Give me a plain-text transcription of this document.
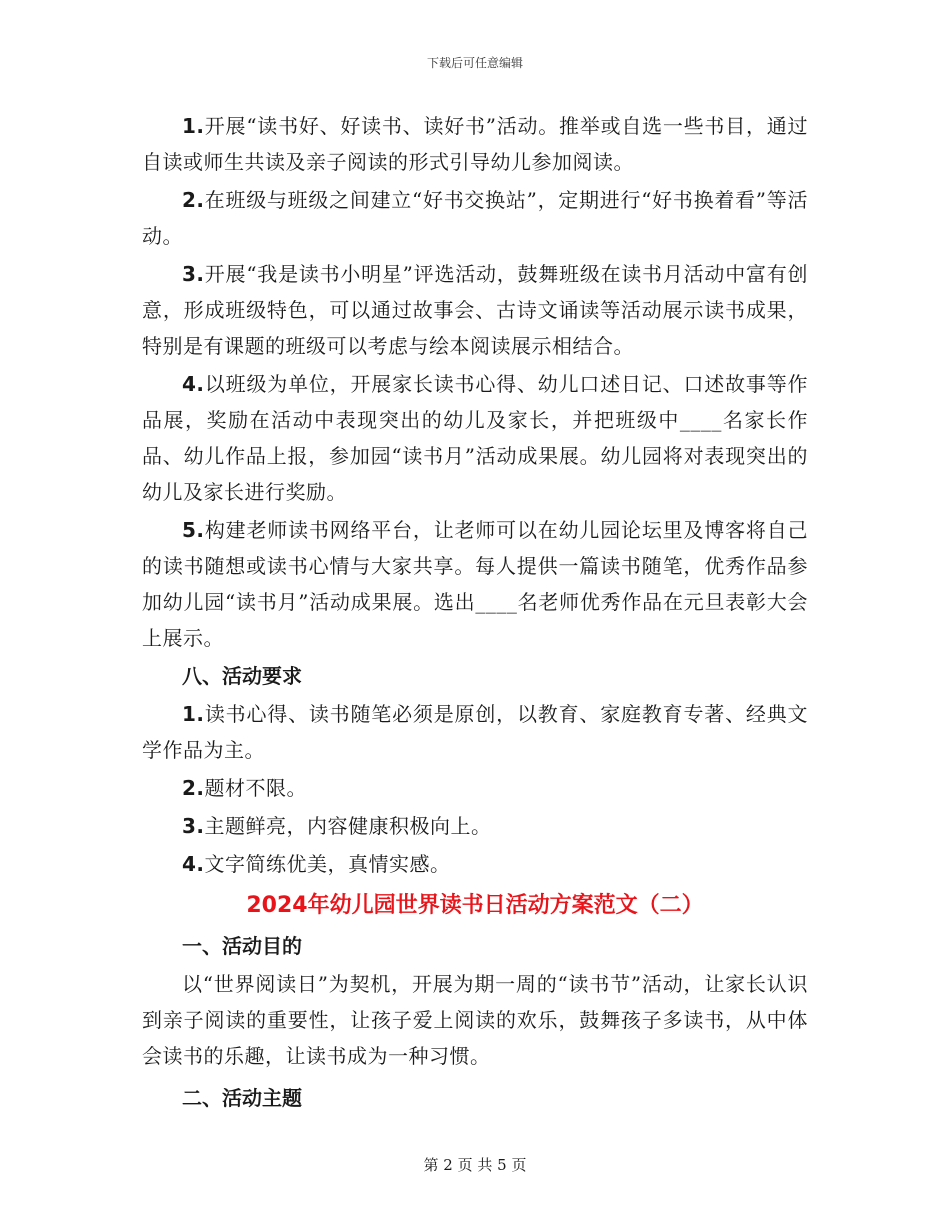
下载后可任意编辑

1.开展“读书好、好读书、读好书”活动。推举或自选一些书目，通过自读或师生共读及亲子阅读的形式引导幼儿参加阅读。

2.在班级与班级之间建立“好书交换站”，定期进行“好书换着看”等活动。

3.开展“我是读书小明星”评选活动，鼓舞班级在读书月活动中富有创意，形成班级特色，可以通过故事会、古诗文诵读等活动展示读书成果，特别是有课题的班级可以考虑与绘本阅读展示相结合。

4.以班级为单位，开展家长读书心得、幼儿口述日记、口述故事等作品展，奖励在活动中表现突出的幼儿及家长，并把班级中____名家长作品、幼儿作品上报，参加园“读书月”活动成果展。幼儿园将对表现突出的幼儿及家长进行奖励。

5.构建老师读书网络平台，让老师可以在幼儿园论坛里及博客将自己的读书随想或读书心情与大家共享。每人提供一篇读书随笔，优秀作品参加幼儿园“读书月”活动成果展。选出____名老师优秀作品在元旦表彰大会上展示。

八、活动要求

1.读书心得、读书随笔必须是原创，以教育、家庭教育专著、经典文学作品为主。

2.题材不限。

3.主题鲜亮，内容健康积极向上。

4.文字简练优美，真情实感。

2024年幼儿园世界读书日活动方案范文（二）

一、活动目的

以“世界阅读日”为契机，开展为期一周的“读书节”活动，让家长认识到亲子阅读的重要性，让孩子爱上阅读的欢乐，鼓舞孩子多读书，从中体会读书的乐趣，让读书成为一种习惯。

二、活动主题

第 2 页 共 5 页
